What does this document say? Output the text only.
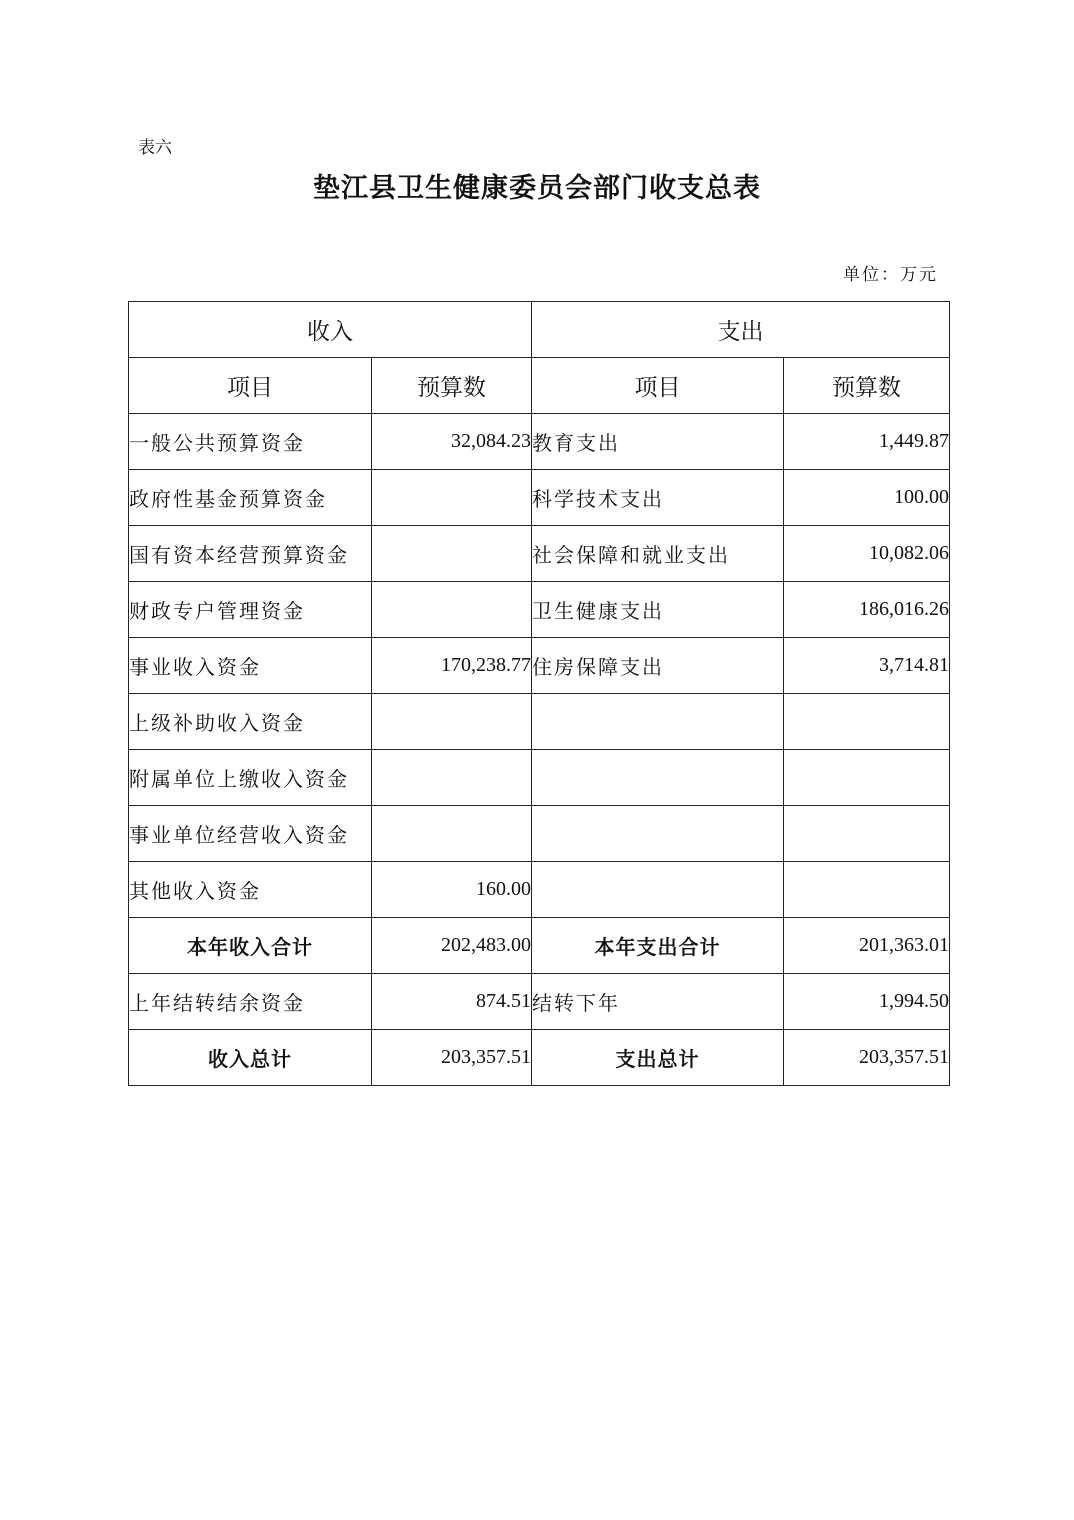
表六
垫江县卫生健康委员会部门收支总表
单位：万元
收入		支出	
项目	预算数	项目	预算数
一般公共预算资金	32,084.23	教育支出	1,449.87
政府性基金预算资金		科学技术支出	100.00
国有资本经营预算资金		社会保障和就业支出	10,082.06
财政专户管理资金		卫生健康支出	186,016.26
事业收入资金	170,238.77	住房保障支出	3,714.81
上级补助收入资金			
附属单位上缴收入资金			
事业单位经营收入资金			
其他收入资金	160.00		
本年收入合计	202,483.00	本年支出合计	201,363.01
上年结转结余资金	874.51	结转下年	1,994.50
收入总计	203,357.51	支出总计	203,357.51
